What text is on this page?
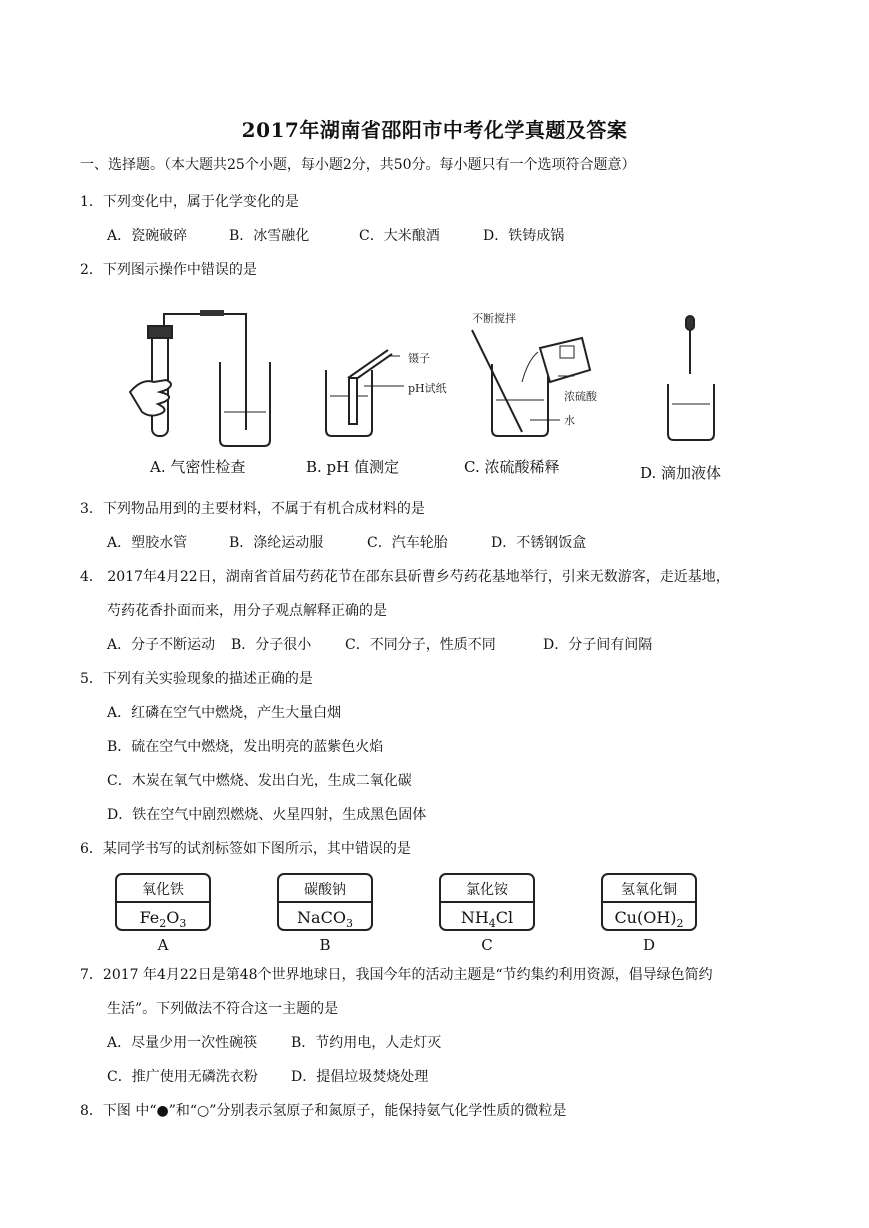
2017年湖南省邵阳市中考化学真题及答案
一、选择题。（本大题共25个小题，每小题2分，共50分。每小题只有一个选项符合题意）
1．下列变化中，属于化学变化的是
A．瓷碗破碎	B．冰雪融化	C．大米酿酒	D．铁铸成锅
2．下列图示操作中错误的是
镊子
pH试纸
不断搅拌
浓硫酸
水
A. 气密性检查	B. pH 值测定	C. 浓硫酸稀释	D. 滴加液体
3．下列物品用到的主要材料，不属于有机合成材料的是
A．塑胶水管	B．涤纶运动服	C．汽车轮胎	D．不锈钢饭盒
4． 2017年4月22日，湖南省首届芍药花节在邵东县斫曹乡芍药花基地举行，引来无数游客，走近基地，
芍药花香扑面而来，用分子观点解释正确的是
A．分子不断运动 B．分子很小 C．不同分子，性质不同	D．分子间有间隔
5．下列有关实验现象的描述正确的是
A．红磷在空气中燃烧，产生大量白烟
B．硫在空气中燃烧，发出明亮的蓝紫色火焰
C．木炭在氧气中燃烧、发出白光，生成二氧化碳
D．铁在空气中剧烈燃烧、火星四射，生成黑色固体
6．某同学书写的试剂标签如下图所示，其中错误的是
氧化铁	碳酸钠	氯化铵	氢氧化铜
$Fe_2O_3$	NaCO$_3$	$NH_4Cl$	$Cu(OH)_2$
A	B	C	D
7．2017 年4月22日是第48个世界地球日，我国今年的活动主题是“节约集约利用资源，倡导绿色简约
生活”。下列做法不符合这一主题的是
A．尽量少用一次性碗筷 B．节约用电，人走灯灭
C．推广使用无磷洗衣粉 D．提倡垃圾焚烧处理
8．下图 中“●”和“○”分别表示氢原子和氮原子，能保持氨气化学性质的微粒是
